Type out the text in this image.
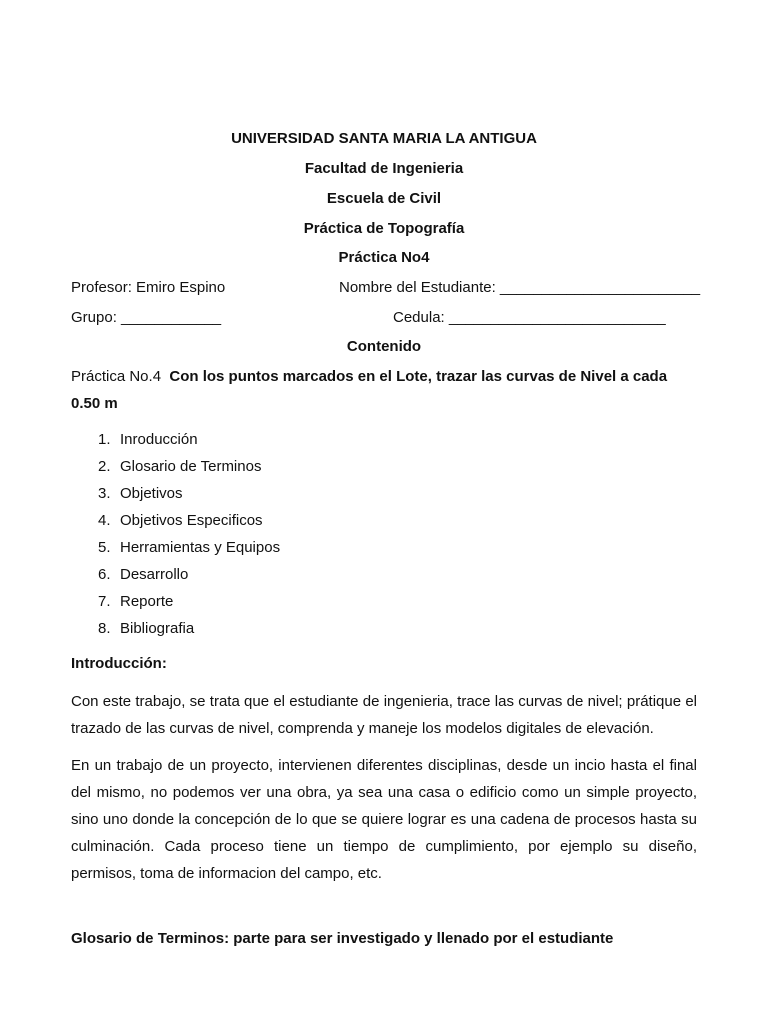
UNIVERSIDAD SANTA MARIA LA ANTIGUA
Facultad de Ingenieria
Escuela de Civil
Práctica de Topografía
Práctica No4
Profesor: Emiro Espino	Nombre del Estudiante: ________________________
Grupo: ____________	Cedula: __________________________
Contenido
Práctica No.4 Con los puntos marcados en el Lote, trazar las curvas de Nivel a cada
0.50 m
1. Inroducción
2. Glosario de Terminos
3. Objetivos
4. Objetivos Especificos
5. Herramientas y Equipos
6. Desarrollo
7. Reporte
8. Bibliografia
Introducción:
Con este trabajo, se trata que el estudiante de ingenieria, trace las curvas de nivel; prátique el trazado de las curvas de nivel, comprenda y maneje los modelos digitales de elevación.
En un trabajo de un proyecto, intervienen diferentes disciplinas, desde un incio hasta el final del mismo, no podemos ver una obra, ya sea una casa o edificio como un simple proyecto, sino uno donde la concepción de lo que se quiere lograr es una cadena de procesos hasta su culminación. Cada proceso tiene un tiempo de cumplimiento, por ejemplo su diseño, permisos, toma de informacion del campo, etc.
Glosario de Terminos: parte para ser investigado y llenado por el estudiante
